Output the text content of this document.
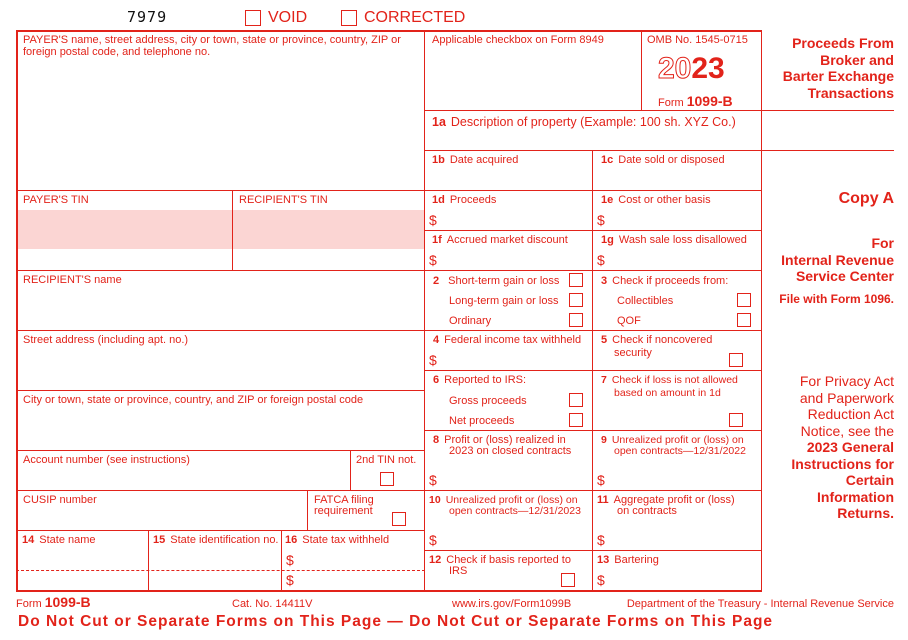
7979	VOID	CORRECTED
PAYER'S name, street address, city or town, state or province, country, ZIP or foreign postal code, and telephone no.
PAYER'S TIN	RECIPIENT'S TIN
RECIPIENT'S name
Street address (including apt. no.)
City or town, state or province, country, and ZIP or foreign postal code
Account number (see instructions)	2nd TIN not.
CUSIP number	FATCA filing
requirement
14 State name	15 State identification no. 16 State tax withheld
$
$
Applicable checkbox on Form 8949	OMB No. 1545-0715
2023
Form 1099-B
Proceeds From
Broker and
Barter Exchange
Transactions
1a Description of property (Example: 100 sh. XYZ Co.)
1b Date acquired	1c Date sold or disposed
1d Proceeds
$
1e Cost or other basis
$
1f Accrued market discount
$
1g Wash sale loss disallowed
$
2 Short-term gain or loss
Long-term gain or loss
Ordinary
3 Check if proceeds from:
Collectibles
QOF
4 Federal income tax withheld
$
5 Check if noncovered
security
6 Reported to IRS:
Gross proceeds
Net proceeds
7 Check if loss is not allowed
based on amount in 1d
8 Profit or (loss) realized in
2023 on closed contracts
$
9 Unrealized profit or (loss) on
open contracts—12/31/2022
$
10 Unrealized profit or (loss) on
open contracts—12/31/2023
$
11 Aggregate profit or (loss)
on contracts
$
12 Check if basis reported to
IRS
13 Bartering
$
Copy A
For
Internal Revenue
Service Center
File with Form 1096.
For Privacy Act
and Paperwork
Reduction Act
Notice, see the
2023 General
Instructions for
Certain
Information
Returns.
Form 1099-B	Cat. No. 14411V	www.irs.gov/Form1099B	Department of the Treasury - Internal Revenue Service
Do Not Cut or Separate Forms on This Page — Do Not Cut or Separate Forms on This Page
